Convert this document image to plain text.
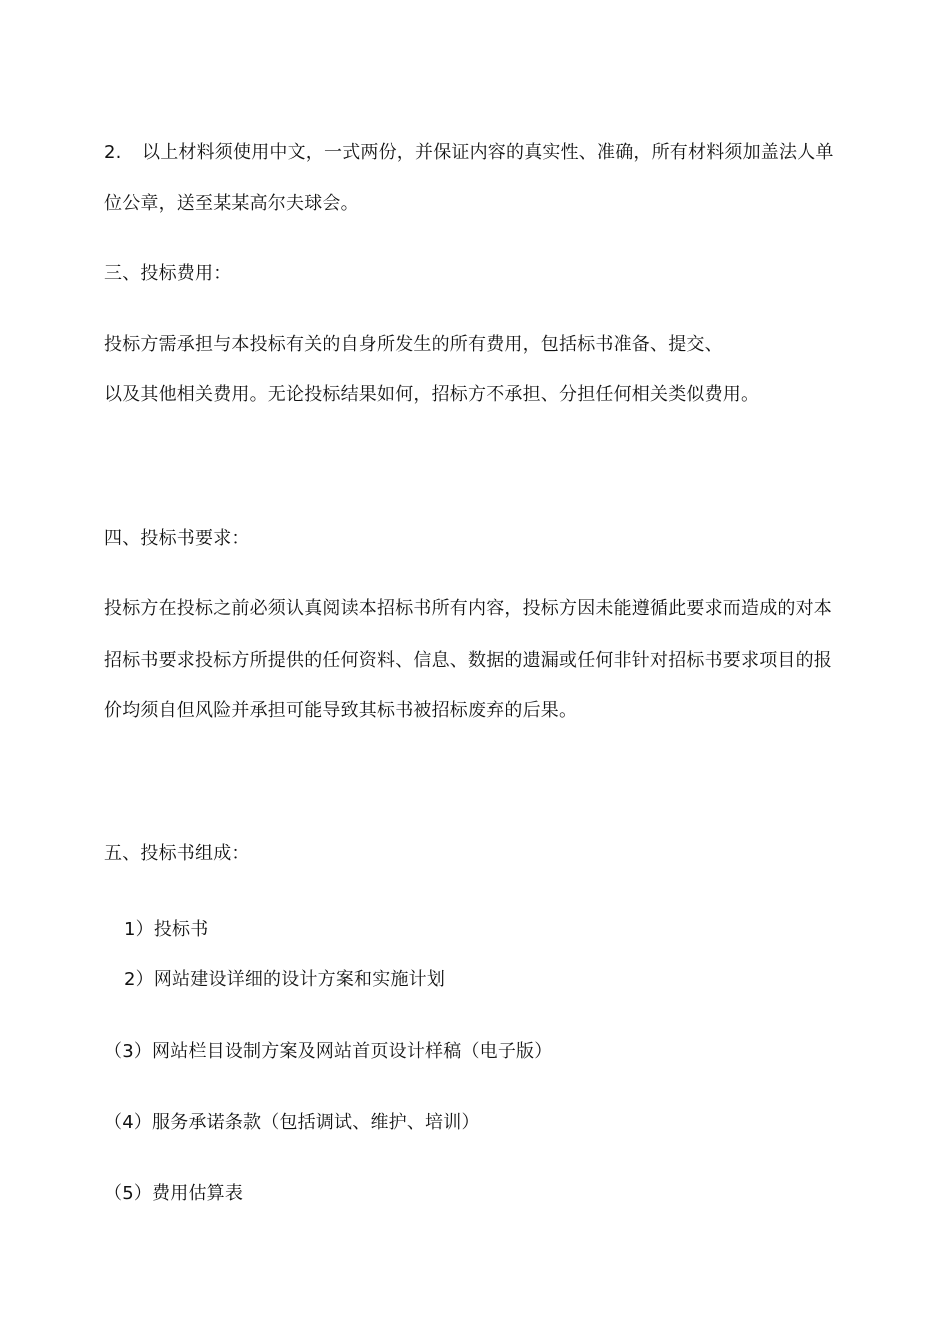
2. 以上材料须使用中文，一式两份，并保证内容的真实性、准确，所有材料须加盖法人单
位公章，送至某某高尔夫球会。
三、投标费用：
投标方需承担与本投标有关的自身所发生的所有费用，包括标书准备、提交、
以及其他相关费用。无论投标结果如何，招标方不承担、分担任何相关类似费用。
四、投标书要求：
投标方在投标之前必须认真阅读本招标书所有内容，投标方因未能遵循此要求而造成的对本
招标书要求投标方所提供的任何资料、信息、数据的遗漏或任何非针对招标书要求项目的报
价均须自但风险并承担可能导致其标书被招标废弃的后果。
五、投标书组成：
1）投标书
2）网站建设详细的设计方案和实施计划
（3）网站栏目设制方案及网站首页设计样稿（电子版）
（4）服务承诺条款（包括调试、维护、培训）
（5）费用估算表
